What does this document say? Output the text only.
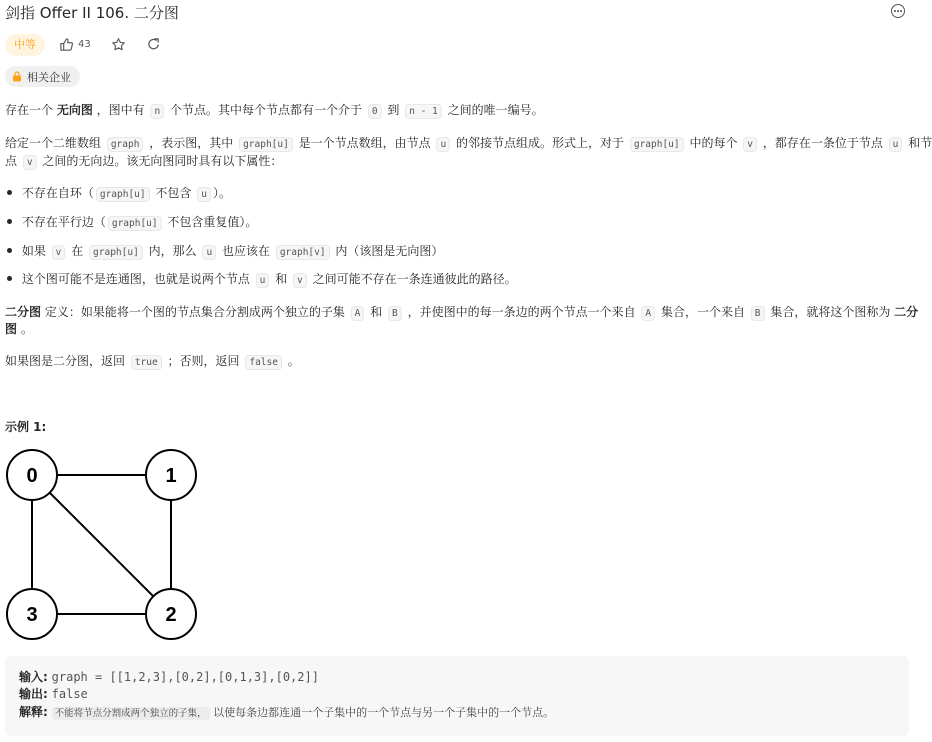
剑指 Offer II 106. 二分图
中等	43
相关企业
存在一个 无向图 ，图中有 n 个节点。其中每个节点都有一个介于 0 到 n - 1 之间的唯一编号。
给定一个二维数组 graph ，表示图，其中 graph[u] 是一个节点数组，由节点 u 的邻接节点组成。形式上，对于 graph[u] 中的每个 v ，都存在一条位于节点 u 和节
点 v 之间的无向边。该无向图同时具有以下属性：
不存在自环（ graph[u] 不包含 u ）。
不存在平行边（ graph[u] 不包含重复值）。
如果 v 在 graph[u] 内，那么 u 也应该在 graph[v] 内（该图是无向图）
这个图可能不是连通图，也就是说两个节点 u 和 v 之间可能不存在一条连通彼此的路径。
二分图 定义：如果能将一个图的节点集合分割成两个独立的子集 A 和 B ，并使图中的每一条边的两个节点一个来自 A 集合，一个来自 B 集合，就将这个图称为 二分
图 。
如果图是二分图，返回 true ；否则，返回 false 。
示例 1:
0	1
3	2
输入: graph = [[1,2,3],[0,2],[0,1,3],[0,2]]
输出: false
解释: 不能将节点分割成两个独立的子集， 以使每条边都连通一个子集中的一个节点与另一个子集中的一个节点。
